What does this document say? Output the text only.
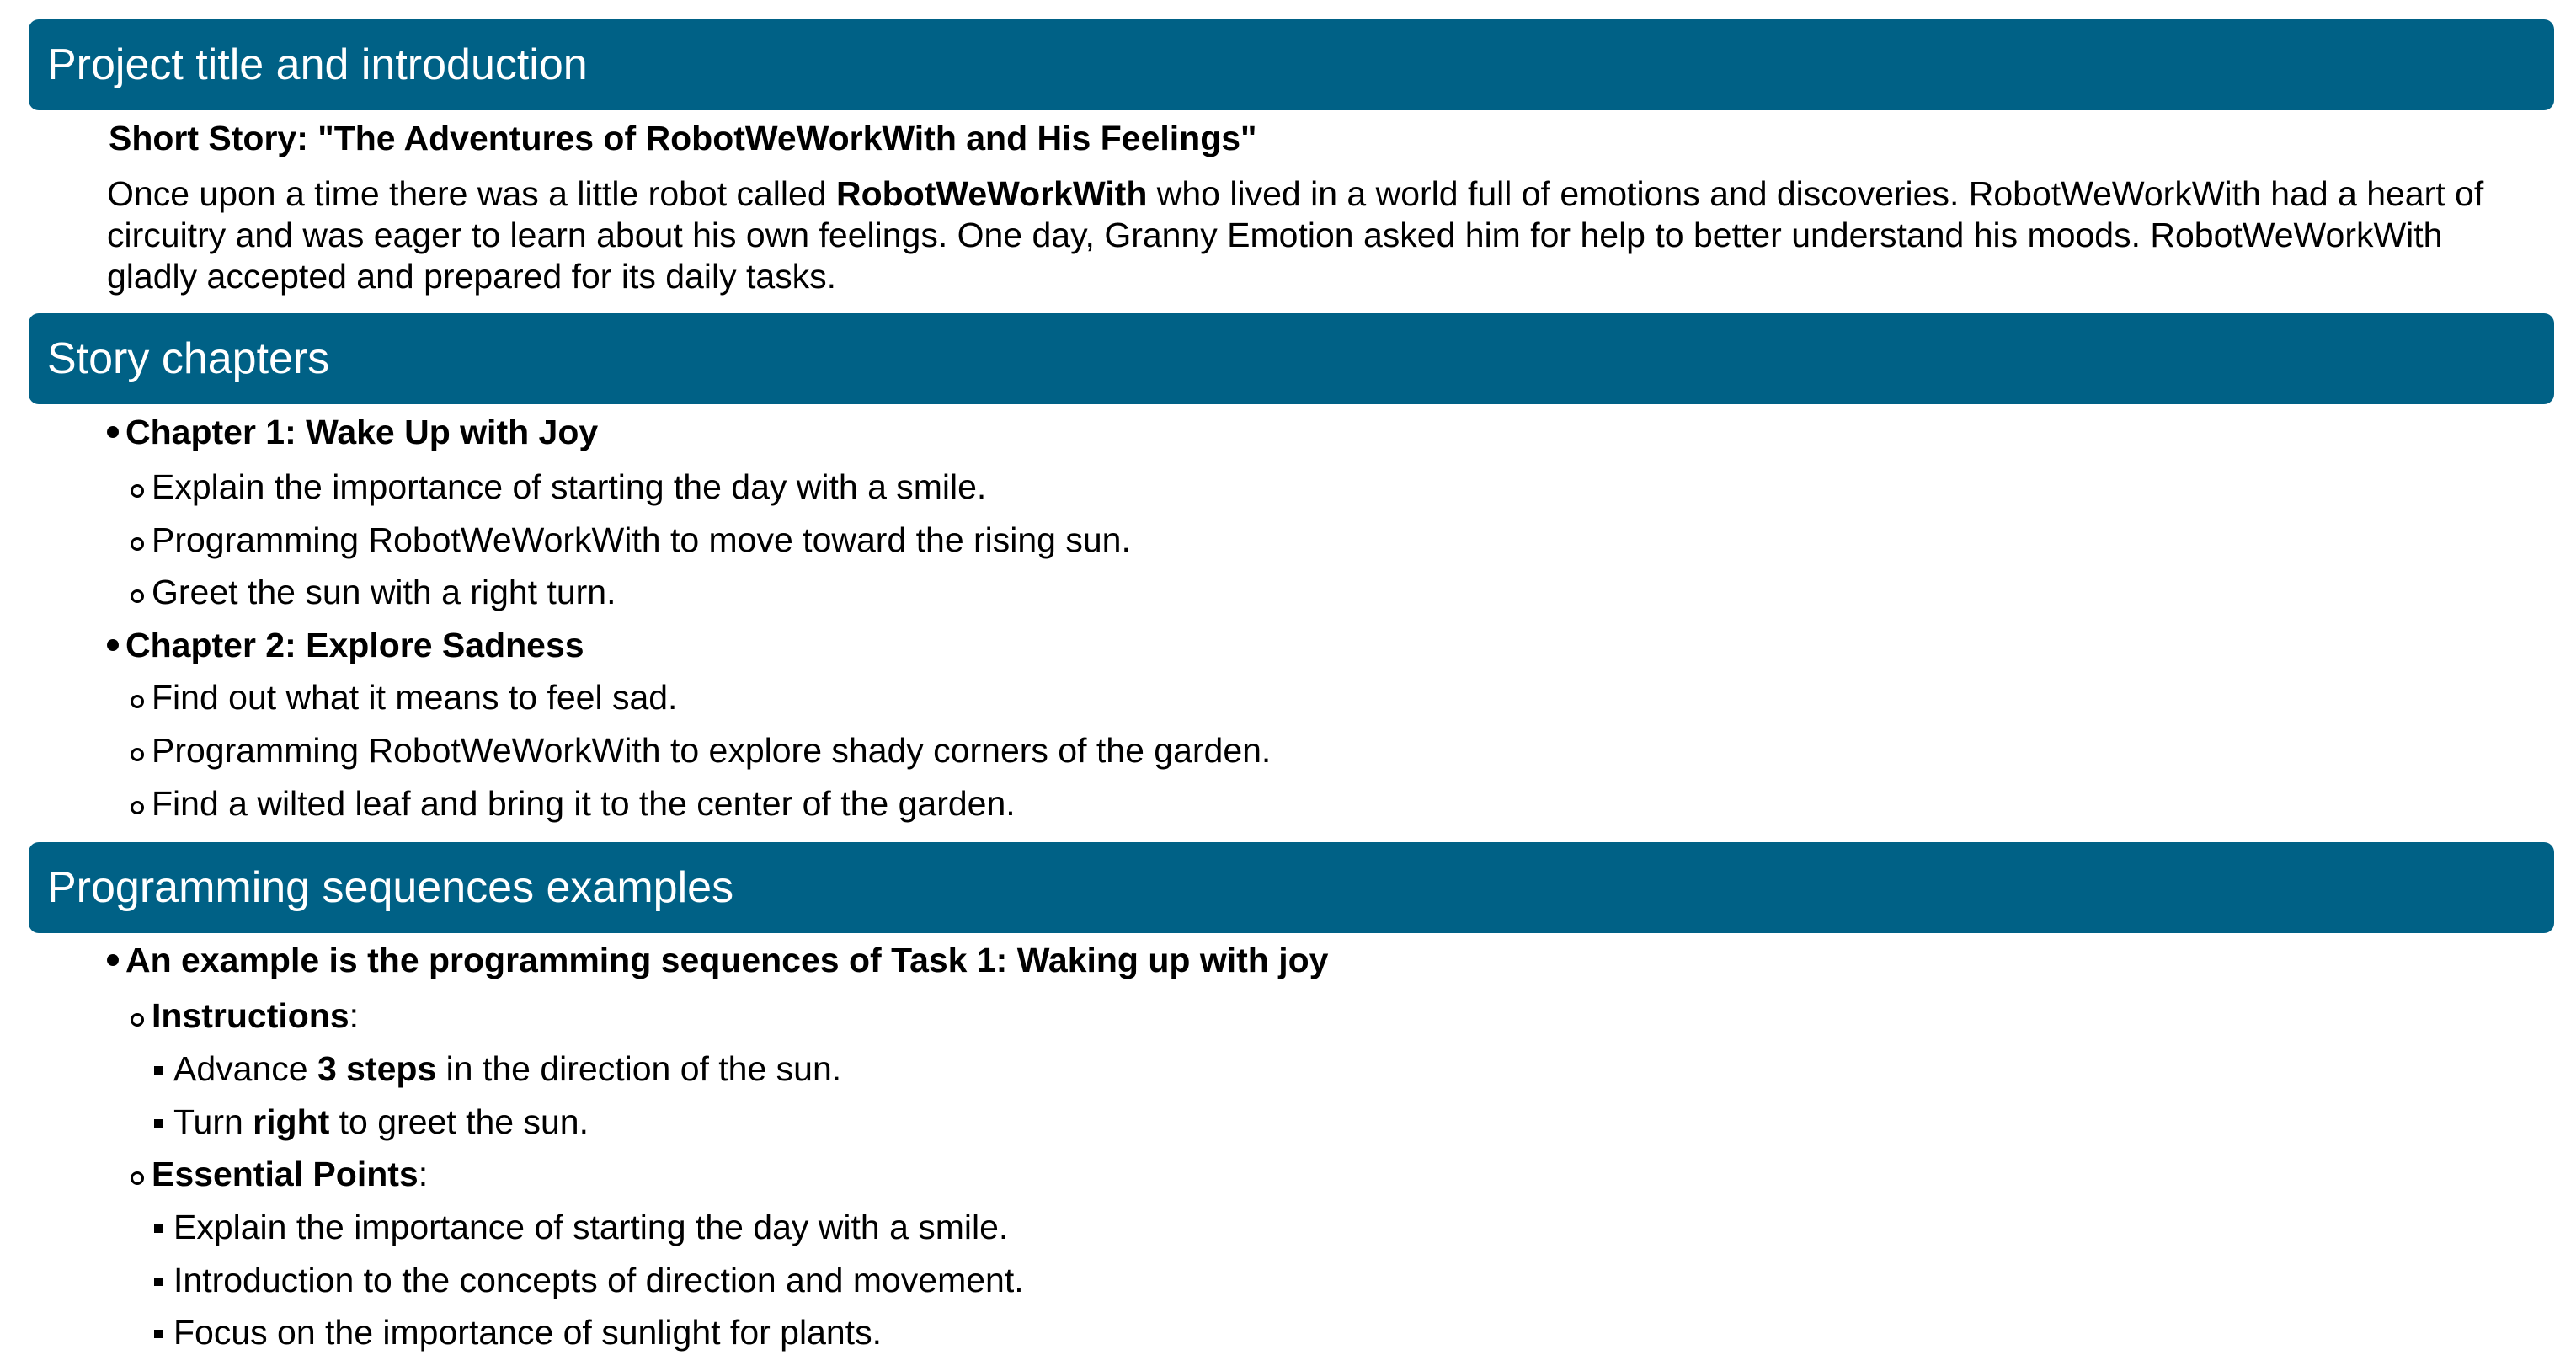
Project title and introduction
Short Story: "The Adventures of RobotWeWorkWith and His Feelings"
Once upon a time there was a little robot called RobotWeWorkWith who lived in a world full of emotions and discoveries. RobotWeWorkWith had a heart of circuitry and was eager to learn about his own feelings. One day, Granny Emotion asked him for help to better understand his moods. RobotWeWorkWith gladly accepted and prepared for its daily tasks.
Story chapters
Chapter 1: Wake Up with Joy
Explain the importance of starting the day with a smile.
Programming RobotWeWorkWith to move toward the rising sun.
Greet the sun with a right turn.
Chapter 2: Explore Sadness
Find out what it means to feel sad.
Programming RobotWeWorkWith to explore shady corners of the garden.
Find a wilted leaf and bring it to the center of the garden.
Programming sequences examples
An example is the programming sequences of Task 1: Waking up with joy
Instructions:
Advance 3 steps in the direction of the sun.
Turn right to greet the sun.
Essential Points:
Explain the importance of starting the day with a smile.
Introduction to the concepts of direction and movement.
Focus on the importance of sunlight for plants.
